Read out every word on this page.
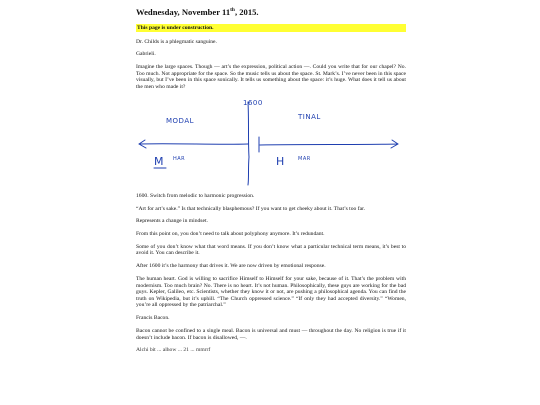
Wednesday, November 11th, 2015.
This page is under construction.

Dr. Childs is a phlegmatic sanguine.

Gabrieli.

Imagine the large spaces. Though — art’s the expression, political action —. Could you write that for our chapel? No. Too much. Not appropriate for the space. So the music tells us about the space. St. Mark’s. I’ve never been in this space visually, but I’ve been in this space sonically. It tells us something about the space: it’s huge. What does it tell us about the men who made it?

1600
MODAL	TINAL
M HAR	H	MAR

1600. Switch from melodic to harmonic progression.

“Art for art’s sake.” Is that technically blasphemous? If you want to get cheeky about it. That’s too far.

Represents a change in mindset.

From this point on, you don’t need to talk about polyphony anymore. It’s redundant.

Some of you don’t know what that word means. If you don’t know what a particular technical term means, it’s best to avoid it. You can describe it.

After 1600 it’s the harmony that drives it. We are now driven by emotional response.

The human heart. God is willing to sacrifice Himself to Himself for your sake, because of it. That’s the problem with modernism. Too much brain? No. There is no heart. It’s not human. Philosophically, these guys are working for the bad guys. Kepler, Galileo, etc. Scientists, whether they know it or not, are pushing a philosophical agenda. You can find the truth on Wikipedia, but it’s uphill. “The Church oppressed science.” “If only they had accepted diversity.” “Women, you’re all oppressed by the patriarchal.”

Francis Bacon.

Bacon cannot be confined to a single meal. Bacon is universal and must — throughout the day. No religion is true if it doesn’t include bacon. If bacon is disallowed, —.

Alchi bit ... alhow ... 21 ... mmrrf
